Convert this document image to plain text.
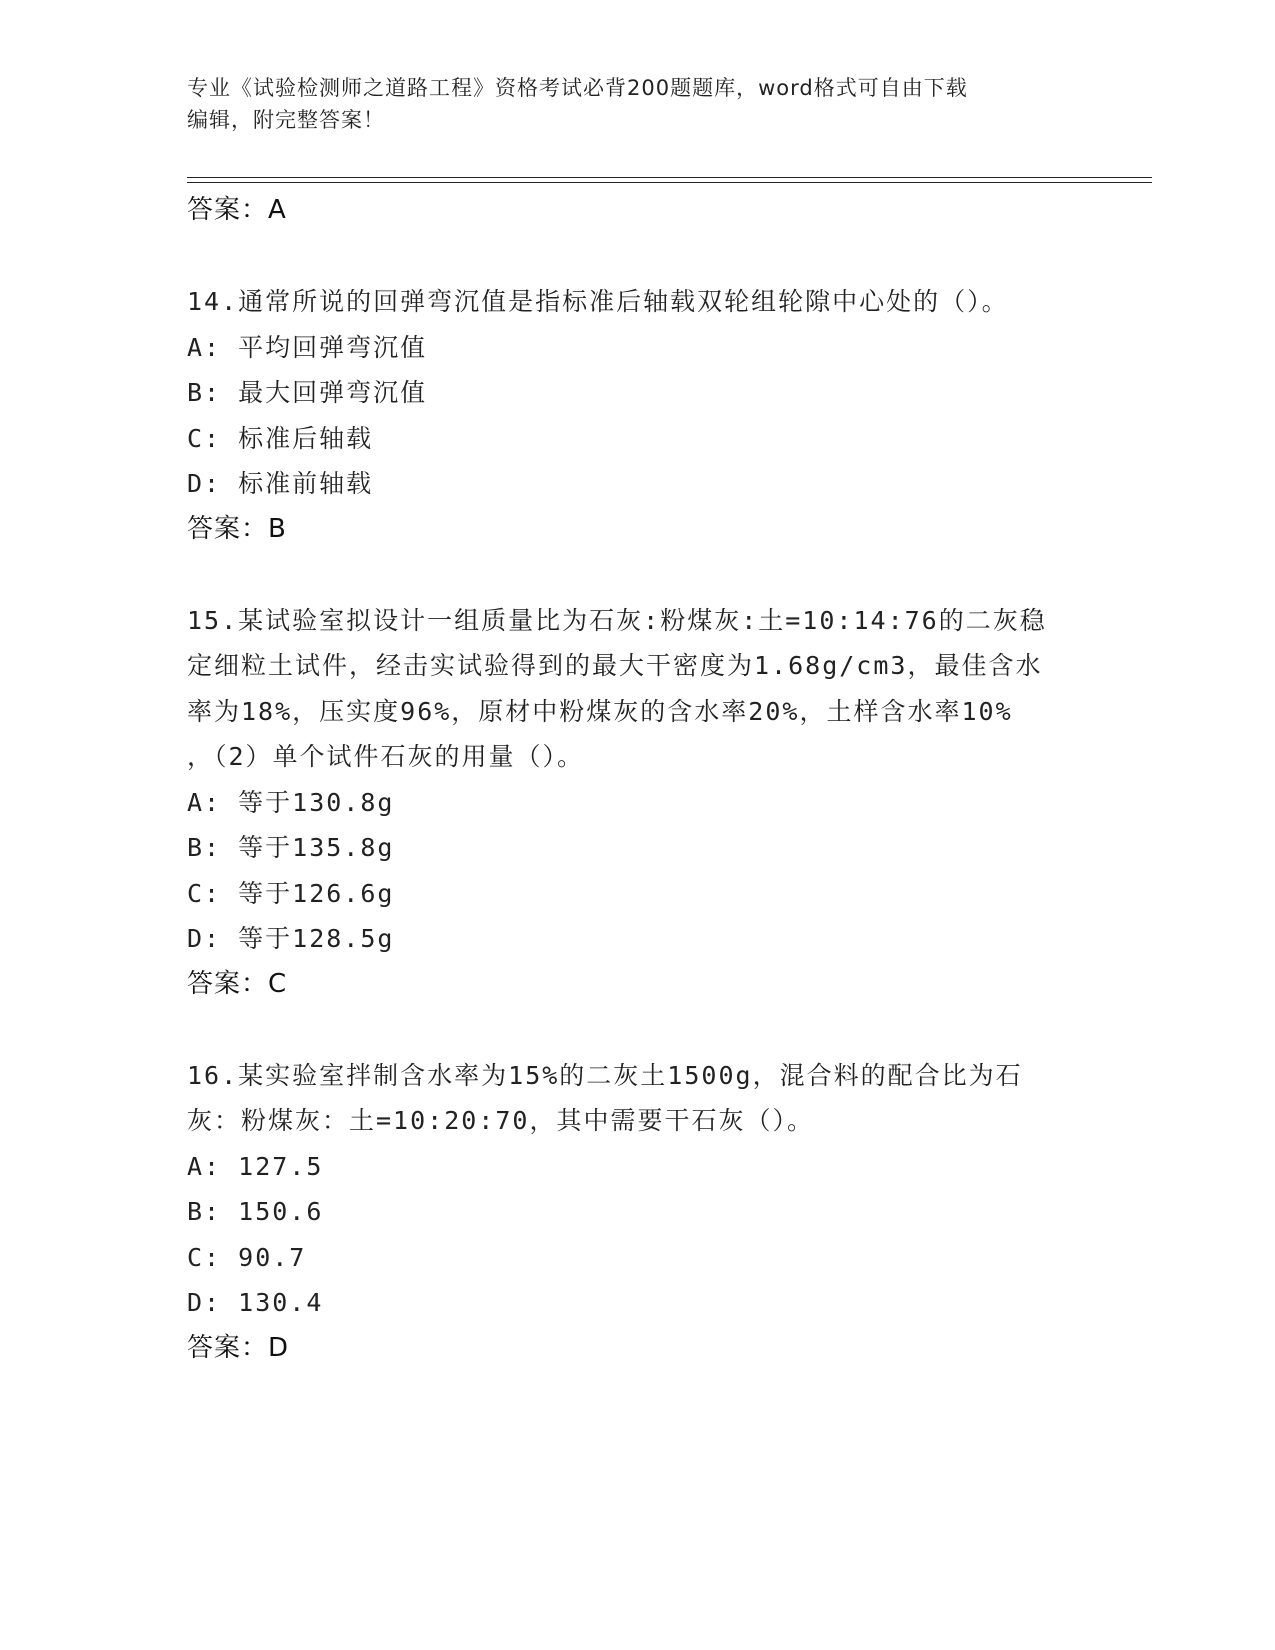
专业《试验检测师之道路工程》资格考试必背200题题库，word格式可自由下载
编辑，附完整答案！
答案：A
14.通常所说的回弹弯沉值是指标准后轴载双轮组轮隙中心处的（）。
A: 平均回弹弯沉值
B: 最大回弹弯沉值
C: 标准后轴载
D: 标准前轴载
答案：B
15.某试验室拟设计一组质量比为石灰:粉煤灰:土=10:14:76的二灰稳
定细粒土试件，经击实试验得到的最大干密度为1.68g/cm3，最佳含水
率为18%，压实度96%，原材中粉煤灰的含水率20%，土样含水率10%
，（2）单个试件石灰的用量（）。
A: 等于130.8g
B: 等于135.8g
C: 等于126.6g
D: 等于128.5g
答案：C
16.某实验室拌制含水率为15%的二灰土1500g，混合料的配合比为石
灰：粉煤灰：土=10:20:70，其中需要干石灰（）。
A: 127.5
B: 150.6
C: 90.7
D: 130.4
答案：D
